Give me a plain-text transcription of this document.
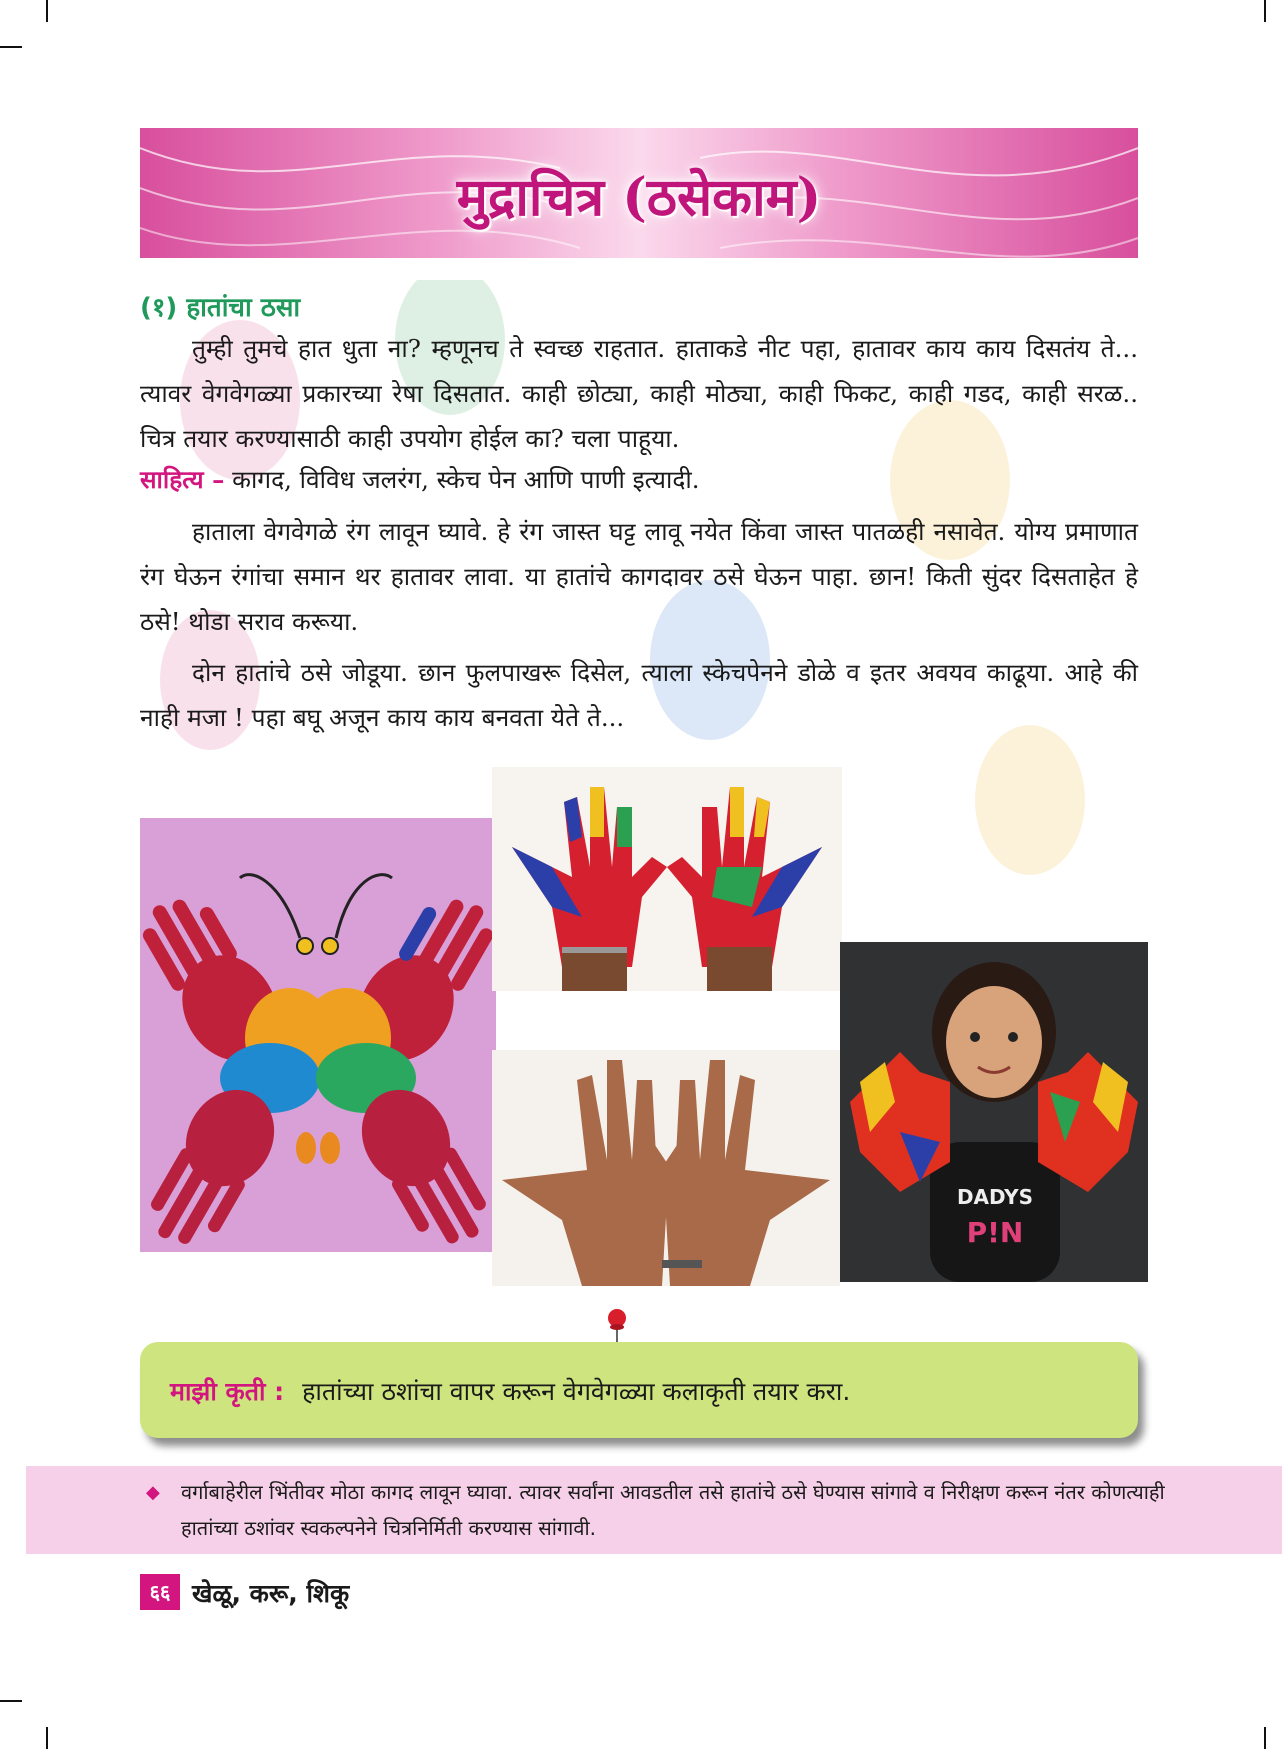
मुद्राचित्र (ठसेकाम)
(१) हातांचा ठसा

तुम्ही तुमचे हात धुता ना? म्हणूनच ते स्वच्छ राहतात. हाताकडे नीट पहा, हातावर काय काय दिसतंय ते... त्यावर वेगवेगळ्या प्रकारच्या रेषा दिसतात. काही छोट्या, काही मोठ्या, काही फिकट, काही गडद, काही सरळ.. चित्र तयार करण्यासाठी काही उपयोग होईल का? चला पाहूया.

साहित्य – कागद, विविध जलरंग, स्केच पेन आणि पाणी इत्यादी.

हाताला वेगवेगळे रंग लावून घ्यावे. हे रंग जास्त घट्ट लावू नयेत किंवा जास्त पातळही नसावेत. योग्य प्रमाणात रंग घेऊन रंगांचा समान थर हातावर लावा. या हातांचे कागदावर ठसे घेऊन पाहा. छान! किती सुंदर दिसताहेत हे ठसे! थोडा सराव करूया.

दोन हातांचे ठसे जोडूया. छान फुलपाखरू दिसेल, त्याला स्केचपेनने डोळे व इतर अवयव काढूया. आहे की नाही मजा ! पहा बघू अजून काय काय बनवता येते ते...

DADYS
P!N
माझी कृती : हातांच्या ठशांचा वापर करून वेगवेगळ्या कलाकृती तयार करा.
◆ वर्गाबाहेरील भिंतीवर मोठा कागद लावून घ्यावा. त्यावर सर्वांना आवडतील तसे हातांचे ठसे घेण्यास सांगावे व निरीक्षण करून नंतर कोणत्याही हातांच्या ठशांवर स्वकल्पनेने चित्रनिर्मिती करण्यास सांगावी.
६६ खेळू, करू, शिकू
